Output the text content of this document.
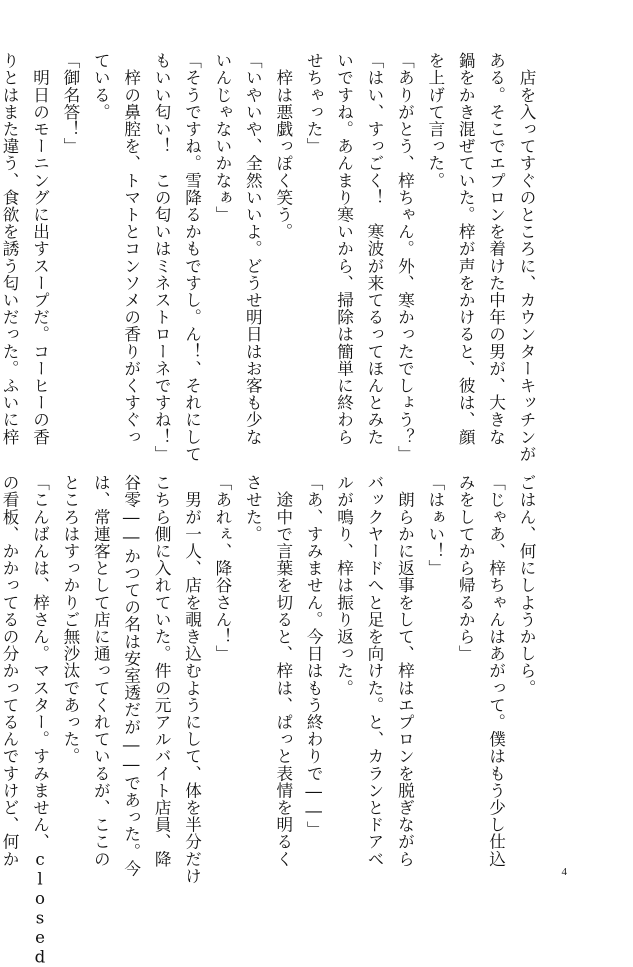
　店を入ってすぐのところに、カウンターキッチンが
ある。そこでエプロンを着けた中年の男が、大きな
鍋をかき混ぜていた。梓が声をかけると、彼は、顔
を上げて言った。
「ありがとう、梓ちゃん。外、寒かったでしょう？」
「はい、すっごく！　寒波が来てるってほんとみた
いですね。あんまり寒いから、掃除は簡単に終わら
せちゃった」
　梓は悪戯っぽく笑う。
「いやいや、全然いいよ。どうせ明日はお客も少な
いんじゃないかなぁ」
「そうですね。雪降るかもですし。ん！、それにして
もいい匂い！　この匂いはミネストローネですね！」
　梓の鼻腔を、トマトとコンソメの香りがくすぐっ
ている。
「御名答！」
　明日のモーニングに出すスープだ。コーヒーの香
りとはまた違う、食欲を誘う匂いだった。ふいに梓
ごはん、何にしようかしら。
「じゃあ、梓ちゃんはあがって。僕はもう少し仕込
みをしてから帰るから」
「はぁい！」
　朗らかに返事をして、梓はエプロンを脱ぎながら
バックヤードへと足を向けた。と、カランとドアベ
ルが鳴り、梓は振り返った。
「あ、すみません。今日はもう終わりで――」
　途中で言葉を切ると、梓は、ぱっと表情を明るく
させた。
「あれぇ、降谷さん！」
　男が一人、店を覗き込むようにして、体を半分だけ
こちら側に入れていた。件の元アルバイト店員、降
谷零――かつての名は安室透だが――であった。今
は、常連客として店に通ってくれているが、ここの
ところはすっかりご無沙汰であった。
「こんばんは、梓さん。マスター。すみません、closed
の看板、かかってるの分かってるんですけど、何か
4
